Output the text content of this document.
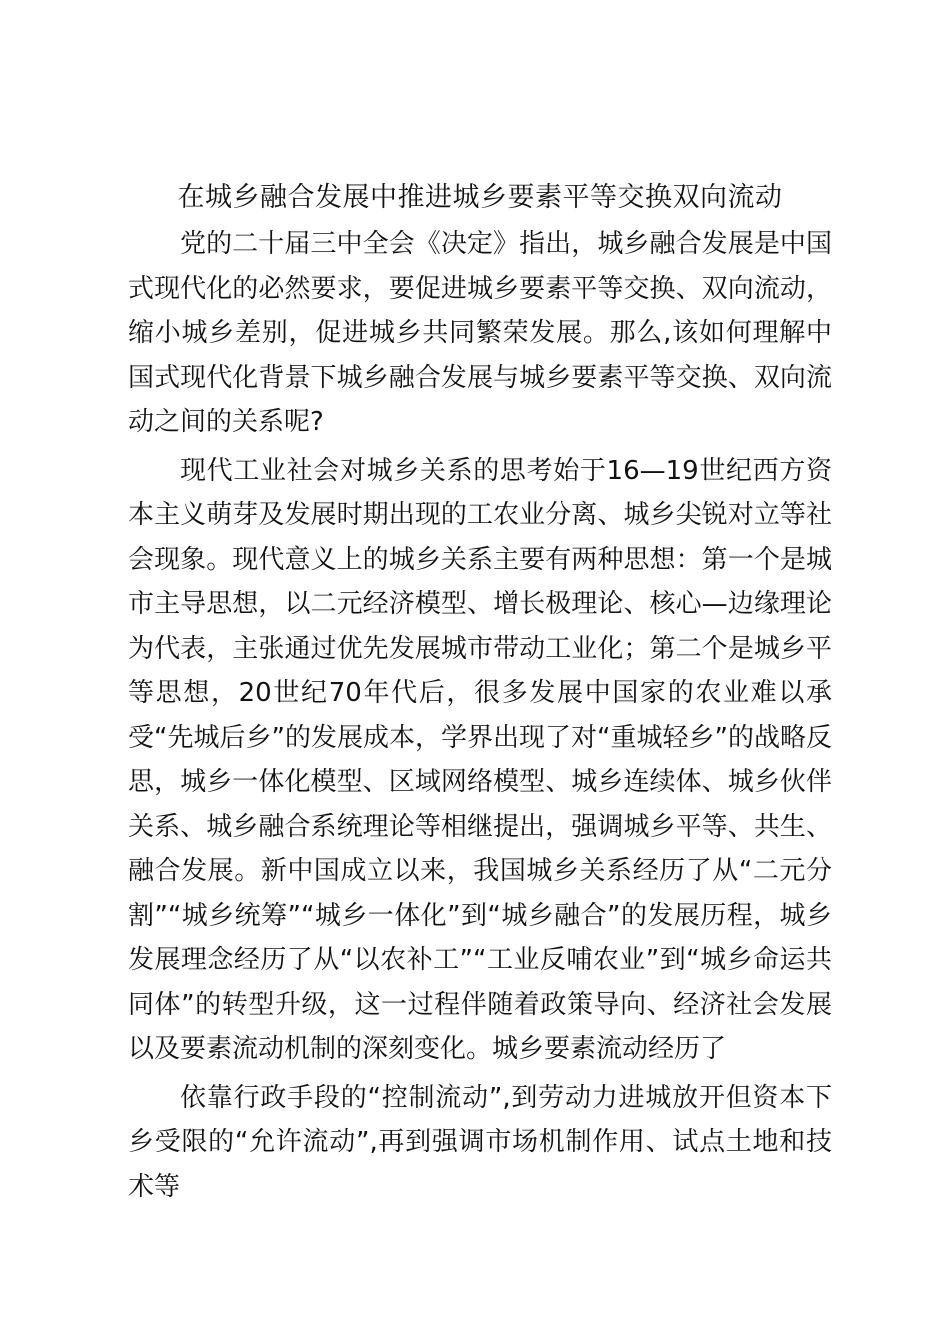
在城乡融合发展中推进城乡要素平等交换双向流动

党的二十届三中全会《决定》指出，城乡融合发展是中国式现代化的必然要求，要促进城乡要素平等交换、双向流动，缩小城乡差别，促进城乡共同繁荣发展。那么,该如何理解中国式现代化背景下城乡融合发展与城乡要素平等交换、双向流动之间的关系呢?

现代工业社会对城乡关系的思考始于16—19世纪西方资本主义萌芽及发展时期出现的工农业分离、城乡尖锐对立等社会现象。现代意义上的城乡关系主要有两种思想：第一个是城市主导思想，以二元经济模型、增长极理论、核心—边缘理论为代表，主张通过优先发展城市带动工业化；第二个是城乡平等思想，20世纪70年代后，很多发展中国家的农业难以承受“先城后乡”的发展成本，学界出现了对“重城轻乡”的战略反思，城乡一体化模型、区域网络模型、城乡连续体、城乡伙伴关系、城乡融合系统理论等相继提出，强调城乡平等、共生、融合发展。新中国成立以来，我国城乡关系经历了从“二元分割”“城乡统筹”“城乡一体化”到“城乡融合”的发展历程，城乡发展理念经历了从“以农补工”“工业反哺农业”到“城乡命运共同体”的转型升级，这一过程伴随着政策导向、经济社会发展以及要素流动机制的深刻变化。城乡要素流动经历了

依靠行政手段的“控制流动”,到劳动力进城放开但资本下乡受限的“允许流动”,再到强调市场机制作用、试点土地和技术等
